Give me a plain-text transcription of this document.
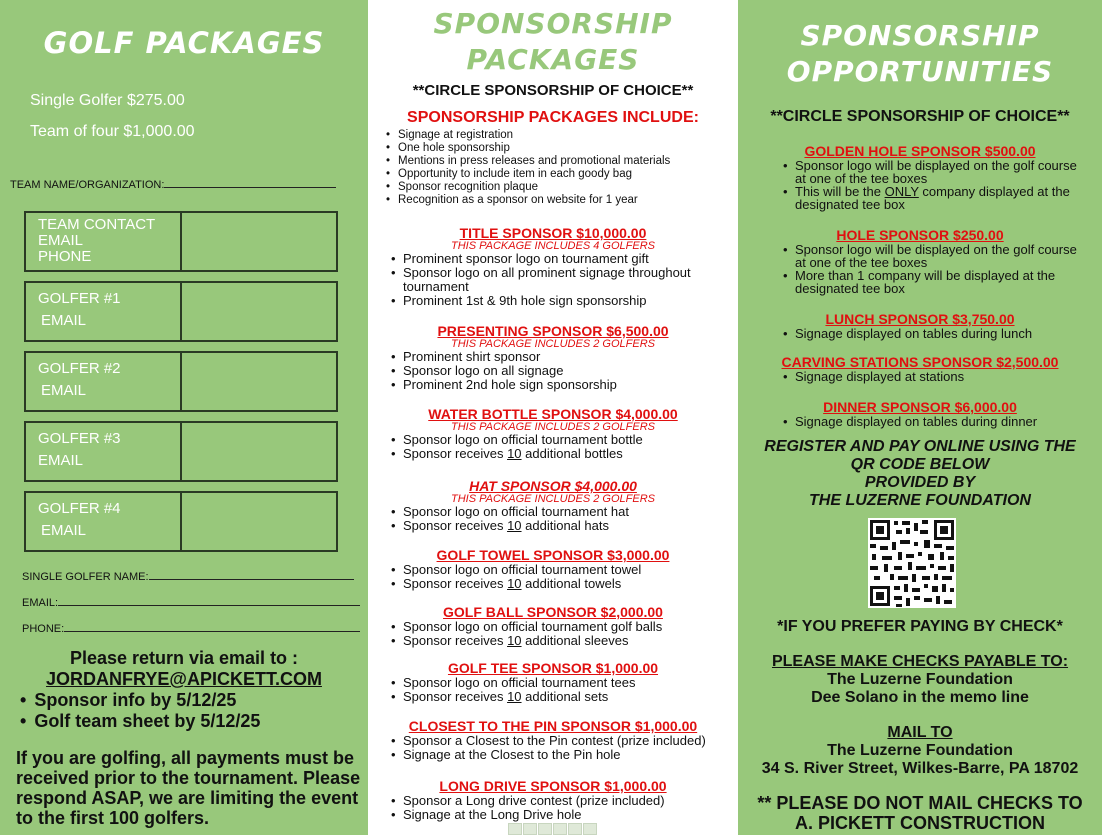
GOLF PACKAGES
Single Golfer $275.00
Team of four $1,000.00
TEAM NAME/ORGANIZATION:
TEAM CONTACT
EMAIL
PHONE
GOLFER #1
EMAIL
GOLFER #2
EMAIL
GOLFER #3
EMAIL
GOLFER #4
EMAIL
SINGLE GOLFER NAME:
EMAIL:
PHONE:
Please return via email to :
JORDANFRYE@APICKETT.COM
• Sponsor info by 5/12/25
• Golf team sheet by 5/12/25
If you are golfing, all payments must be received prior to the tournament. Please respond ASAP, we are limiting the event to the first 100 golfers.
SPONSORSHIP
PACKAGES
**CIRCLE SPONSORSHIP OF CHOICE**
SPONSORSHIP PACKAGES INCLUDE:
• Signage at registration
• One hole sponsorship
• Mentions in press releases and promotional materials
• Opportunity to include item in each goody bag
• Sponsor recognition plaque
• Recognition as a sponsor on website for 1 year
TITLE SPONSOR $10,000.00
THIS PACKAGE INCLUDES 4 GOLFERS
• Prominent sponsor logo on tournament gift
• Sponsor logo on all prominent signage throughout tournament
• Prominent 1st & 9th hole sign sponsorship
PRESENTING SPONSOR $6,500.00
THIS PACKAGE INCLUDES 2 GOLFERS
• Prominent shirt sponsor
• Sponsor logo on all signage
• Prominent 2nd hole sign sponsorship
WATER BOTTLE SPONSOR $4,000.00
THIS PACKAGE INCLUDES 2 GOLFERS
• Sponsor logo on official tournament bottle
• Sponsor receives 10 additional bottles
HAT SPONSOR $4,000.00
THIS PACKAGE INCLUDES 2 GOLFERS
• Sponsor logo on official tournament hat
• Sponsor receives 10 additional hats
GOLF TOWEL SPONSOR $3,000.00
• Sponsor logo on official tournament towel
• Sponsor receives 10 additional towels
GOLF BALL SPONSOR $2,000.00
• Sponsor logo on official tournament golf balls
• Sponsor receives 10 additional sleeves
GOLF TEE SPONSOR $1,000.00
• Sponsor logo on official tournament tees
• Sponsor receives 10 additional sets
CLOSEST TO THE PIN SPONSOR $1,000.00
• Sponsor a Closest to the Pin contest (prize included)
• Signage at the Closest to the Pin hole
LONG DRIVE SPONSOR $1,000.00
• Sponsor a Long drive contest (prize included)
• Signage at the Long Drive hole
SPONSORSHIP
OPPORTUNITIES
**CIRCLE SPONSORSHIP OF CHOICE**
GOLDEN HOLE SPONSOR $500.00
• Sponsor logo will be displayed on the golf course at one of the tee boxes
• This will be the ONLY company displayed at the designated tee box
HOLE SPONSOR $250.00
• Sponsor logo will be displayed on the golf course at one of the tee boxes
• More than 1 company will be displayed at the designated tee box
LUNCH SPONSOR $3,750.00
• Signage displayed on tables during lunch
CARVING STATIONS SPONSOR $2,500.00
• Signage displayed at stations
DINNER SPONSOR $6,000.00
• Signage displayed on tables during dinner
REGISTER AND PAY ONLINE USING THE
QR CODE BELOW
PROVIDED BY
THE LUZERNE FOUNDATION
*IF YOU PREFER PAYING BY CHECK*
PLEASE MAKE CHECKS PAYABLE TO:
The Luzerne Foundation
Dee Solano in the memo line
MAIL TO
The Luzerne Foundation
34 S. River Street, Wilkes-Barre, PA 18702
** PLEASE DO NOT MAIL CHECKS TO
A. PICKETT CONSTRUCTION
